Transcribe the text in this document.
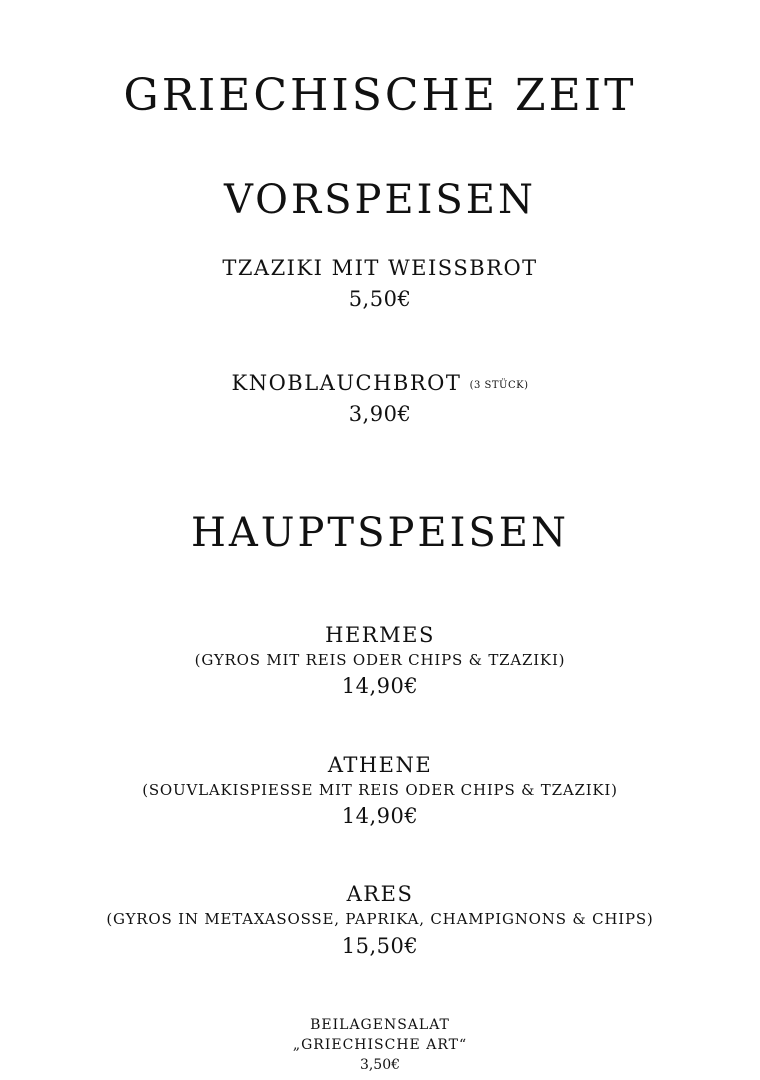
GRIECHISCHE ZEIT
VORSPEISEN
TZAZIKI MIT WEISSBROT
5,50€
KNOBLAUCHBROT (3 STÜCK)
3,90€
HAUPTSPEISEN
HERMES
(GYROS MIT REIS ODER CHIPS & TZAZIKI)
14,90€
ATHENE
(SOUVLAKISPIESSE MIT REIS ODER CHIPS & TZAZIKI)
14,90€
ARES
(GYROS IN METAXASOSSE, PAPRIKA, CHAMPIGNONS & CHIPS)
15,50€
BEILAGENSALAT
„GRIECHISCHE ART“
3,50€
